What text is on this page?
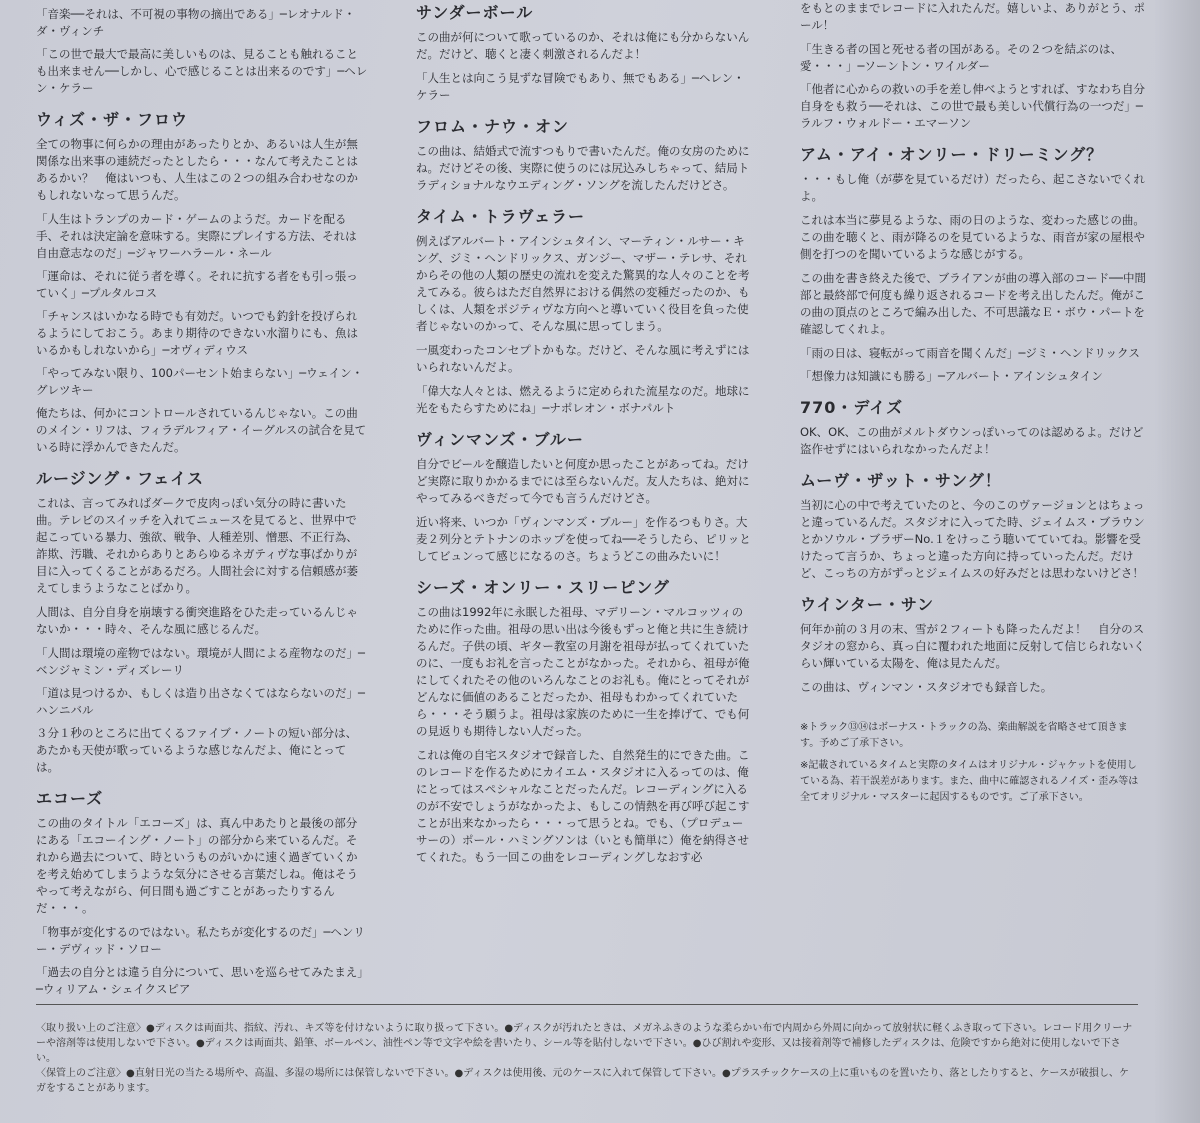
「音楽──それは、不可視の事物の摘出である」─レオナルド・ダ・ヴィンチ

「この世で最大で最高に美しいものは、見ることも触れることも出来ません──しかし、心で感じることは出来るのです」─ヘレン・ケラー

ウィズ・ザ・フロウ

全ての物事に何らかの理由があったりとか、あるいは人生が無関係な出来事の連続だったとしたら・・・なんて考えたことはあるかい？　俺はいつも、人生はこの２つの組み合わせなのかもしれないなって思うんだ。

「人生はトランプのカード・ゲームのようだ。カードを配る手、それは決定論を意味する。実際にプレイする方法、それは自由意志なのだ」─ジャワーハラール・ネール

「運命は、それに従う者を導く。それに抗する者をも引っ張っていく」─プルタルコス

「チャンスはいかなる時でも有効だ。いつでも釣針を投げられるようにしておこう。あまり期待のできない水溜りにも、魚はいるかもしれないから」─オヴィディウス

「やってみない限り、100パーセント始まらない」─ウェイン・グレツキー

俺たちは、何かにコントロールされているんじゃない。この曲のメイン・リフは、フィラデルフィア・イーグルスの試合を見ている時に浮かんできたんだ。

ルージング・フェイス

これは、言ってみればダークで皮肉っぽい気分の時に書いた曲。テレビのスイッチを入れてニュースを見てると、世界中で起こっている暴力、強欲、戦争、人種差別、憎悪、不正行為、詐欺、汚職、それからありとあらゆるネガティヴな事ばかりが目に入ってくることがあるだろ。人間社会に対する信頼感が萎えてしまうようなことばかり。

人間は、自分自身を崩壊する衝突進路をひた走っているんじゃないか・・・時々、そんな風に感じるんだ。

「人間は環境の産物ではない。環境が人間による産物なのだ」─ベンジャミン・ディズレーリ

「道は見つけるか、もしくは造り出さなくてはならないのだ」─ハンニバル

３分１秒のところに出てくるファイブ・ノートの短い部分は、あたかも天使が歌っているような感じなんだよ、俺にとっては。

エコーズ

この曲のタイトル「エコーズ」は、真ん中あたりと最後の部分にある「エコーイング・ノート」の部分から来ているんだ。それから過去について、時というものがいかに速く過ぎていくかを考え始めてしまうような気分にさせる言葉だしね。俺はそうやって考えながら、何日間も過ごすことがあったりするんだ・・・。

「物事が変化するのではない。私たちが変化するのだ」─ヘンリー・デヴィッド・ソロー

「過去の自分とは違う自分について、思いを巡らせてみたまえ」─ウィリアム・シェイクスピア

サンダーボール

この曲が何について歌っているのか、それは俺にも分からないんだ。だけど、聴くと凄く刺激されるんだよ！

「人生とは向こう見ずな冒険でもあり、無でもある」─ヘレン・ケラー

フロム・ナウ・オン

この曲は、結婚式で流すつもりで書いたんだ。俺の女房のためにね。だけどその後、実際に使うのには尻込みしちゃって、結局トラディショナルなウエディング・ソングを流したんだけどさ。

タイム・トラヴェラー

例えばアルバート・アインシュタイン、マーティン・ルサー・キング、ジミ・ヘンドリックス、ガンジー、マザー・テレサ、それからその他の人類の歴史の流れを変えた驚異的な人々のことを考えてみる。彼らはただ自然界における偶然の変種だったのか、もしくは、人類をポジティヴな方向へと導いていく役目を負った使者じゃないのかって、そんな風に思ってしまう。

一風変わったコンセプトかもな。だけど、そんな風に考えずにはいられないんだよ。

「偉大な人々とは、燃えるように定められた流星なのだ。地球に光をもたらすためにね」─ナポレオン・ボナパルト

ヴィンマンズ・ブルー

自分でビールを醸造したいと何度か思ったことがあってね。だけど実際に取りかかるまでには至らないんだ。友人たちは、絶対にやってみるべきだって今でも言うんだけどさ。

近い将来、いつか「ヴィンマンズ・ブルー」を作るつもりさ。大麦２列分とテトナンのホップを使ってね──そうしたら、ピリッとしてビュンって感じになるのさ。ちょうどこの曲みたいに！

シーズ・オンリー・スリーピング

この曲は1992年に永眠した祖母、マデリーン・マルコッツィのために作った曲。祖母の思い出は今後もずっと俺と共に生き続けるんだ。子供の頃、ギター教室の月謝を祖母が払ってくれていたのに、一度もお礼を言ったことがなかった。それから、祖母が俺にしてくれたその他のいろんなことのお礼も。俺にとってそれがどんなに価値のあることだったか、祖母もわかってくれていたら・・・そう願うよ。祖母は家族のために一生を捧げて、でも何の見返りも期待しない人だった。

これは俺の自宅スタジオで録音した、自然発生的にできた曲。このレコードを作るためにカイエム・スタジオに入るってのは、俺にとってはスペシャルなことだったんだ。レコーディングに入るのが不安でしょうがなかったよ、もしこの情熱を再び呼び起こすことが出来なかったら・・・って思うとね。でも、（プロデューサーの）ポール・ハミングソンは（いとも簡単に）俺を納得させてくれた。もう一回この曲をレコーディングしなおす必

をもとのままでレコードに入れたんだ。嬉しいよ、ありがとう、ポール！

「生きる者の国と死せる者の国がある。その２つを結ぶのは、愛・・・」─ソーントン・ワイルダー

「他者に心からの救いの手を差し伸べようとすれば、すなわち自分自身をも救う──それは、この世で最も美しい代償行為の一つだ」─ラルフ・ウォルドー・エマーソン

アム・アイ・オンリー・ドリーミング？

・・・もし俺（が夢を見ているだけ）だったら、起こさないでくれよ。

これは本当に夢見るような、雨の日のような、変わった感じの曲。この曲を聴くと、雨が降るのを見ているような、雨音が家の屋根や側を打つのを聞いているような感じがする。

この曲を書き終えた後で、ブライアンが曲の導入部のコード──中間部と最終部で何度も繰り返されるコードを考え出したんだ。俺がこの曲の頂点のところで編み出した、不可思議なＥ・ボウ・パートを確認してくれよ。

「雨の日は、寝転がって雨音を聞くんだ」─ジミ・ヘンドリックス

「想像力は知識にも勝る」─アルバート・アインシュタイン

770・デイズ

OK、OK、この曲がメルトダウンっぽいってのは認めるよ。だけど盗作せずにはいられなかったんだよ！

ムーヴ・ザット・サング！

当初に心の中で考えていたのと、今のこのヴァージョンとはちょっと違っているんだ。スタジオに入ってた時、ジェイムス・ブラウンとかソウル・ブラザーNo.１をけっこう聴いてていてね。影響を受けたって言うか、ちょっと違った方向に持っていったんだ。だけど、こっちの方がずっとジェイムスの好みだとは思わないけどさ！

ウインター・サン

何年か前の３月の末、雪が２フィートも降ったんだよ！　自分のスタジオの窓から、真っ白に覆われた地面に反射して信じられないくらい輝いている太陽を、俺は見たんだ。

この曲は、ヴィンマン・スタジオでも録音した。

※トラック⑬⑭はボーナス・トラックの為、楽曲解説を省略させて頂きます。予めご了承下さい。

※記載されているタイムと実際のタイムはオリジナル・ジャケットを使用している為、若干誤差があります。また、曲中に確認されるノイズ・歪み等は全てオリジナル・マスターに起因するものです。ご了承下さい。

〈取り扱い上のご注意〉●ディスクは両面共、指紋、汚れ、キズ等を付けないように取り扱って下さい。●ディスクが汚れたときは、メガネふきのような柔らかい布で内周から外周に向かって放射状に軽くふき取って下さい。レコード用クリーナーや溶剤等は使用しないで下さい。●ディスクは両面共、鉛筆、ボールペン、油性ペン等で文字や絵を書いたり、シール等を貼付しないで下さい。●ひび割れや変形、又は接着剤等で補修したディスクは、危険ですから絶対に使用しないで下さい。
〈保管上のご注意〉●直射日光の当たる場所や、高温、多湿の場所には保管しないで下さい。●ディスクは使用後、元のケースに入れて保管して下さい。●プラスチックケースの上に重いものを置いたり、落としたりすると、ケースが破損し、ケガをすることがあります。
